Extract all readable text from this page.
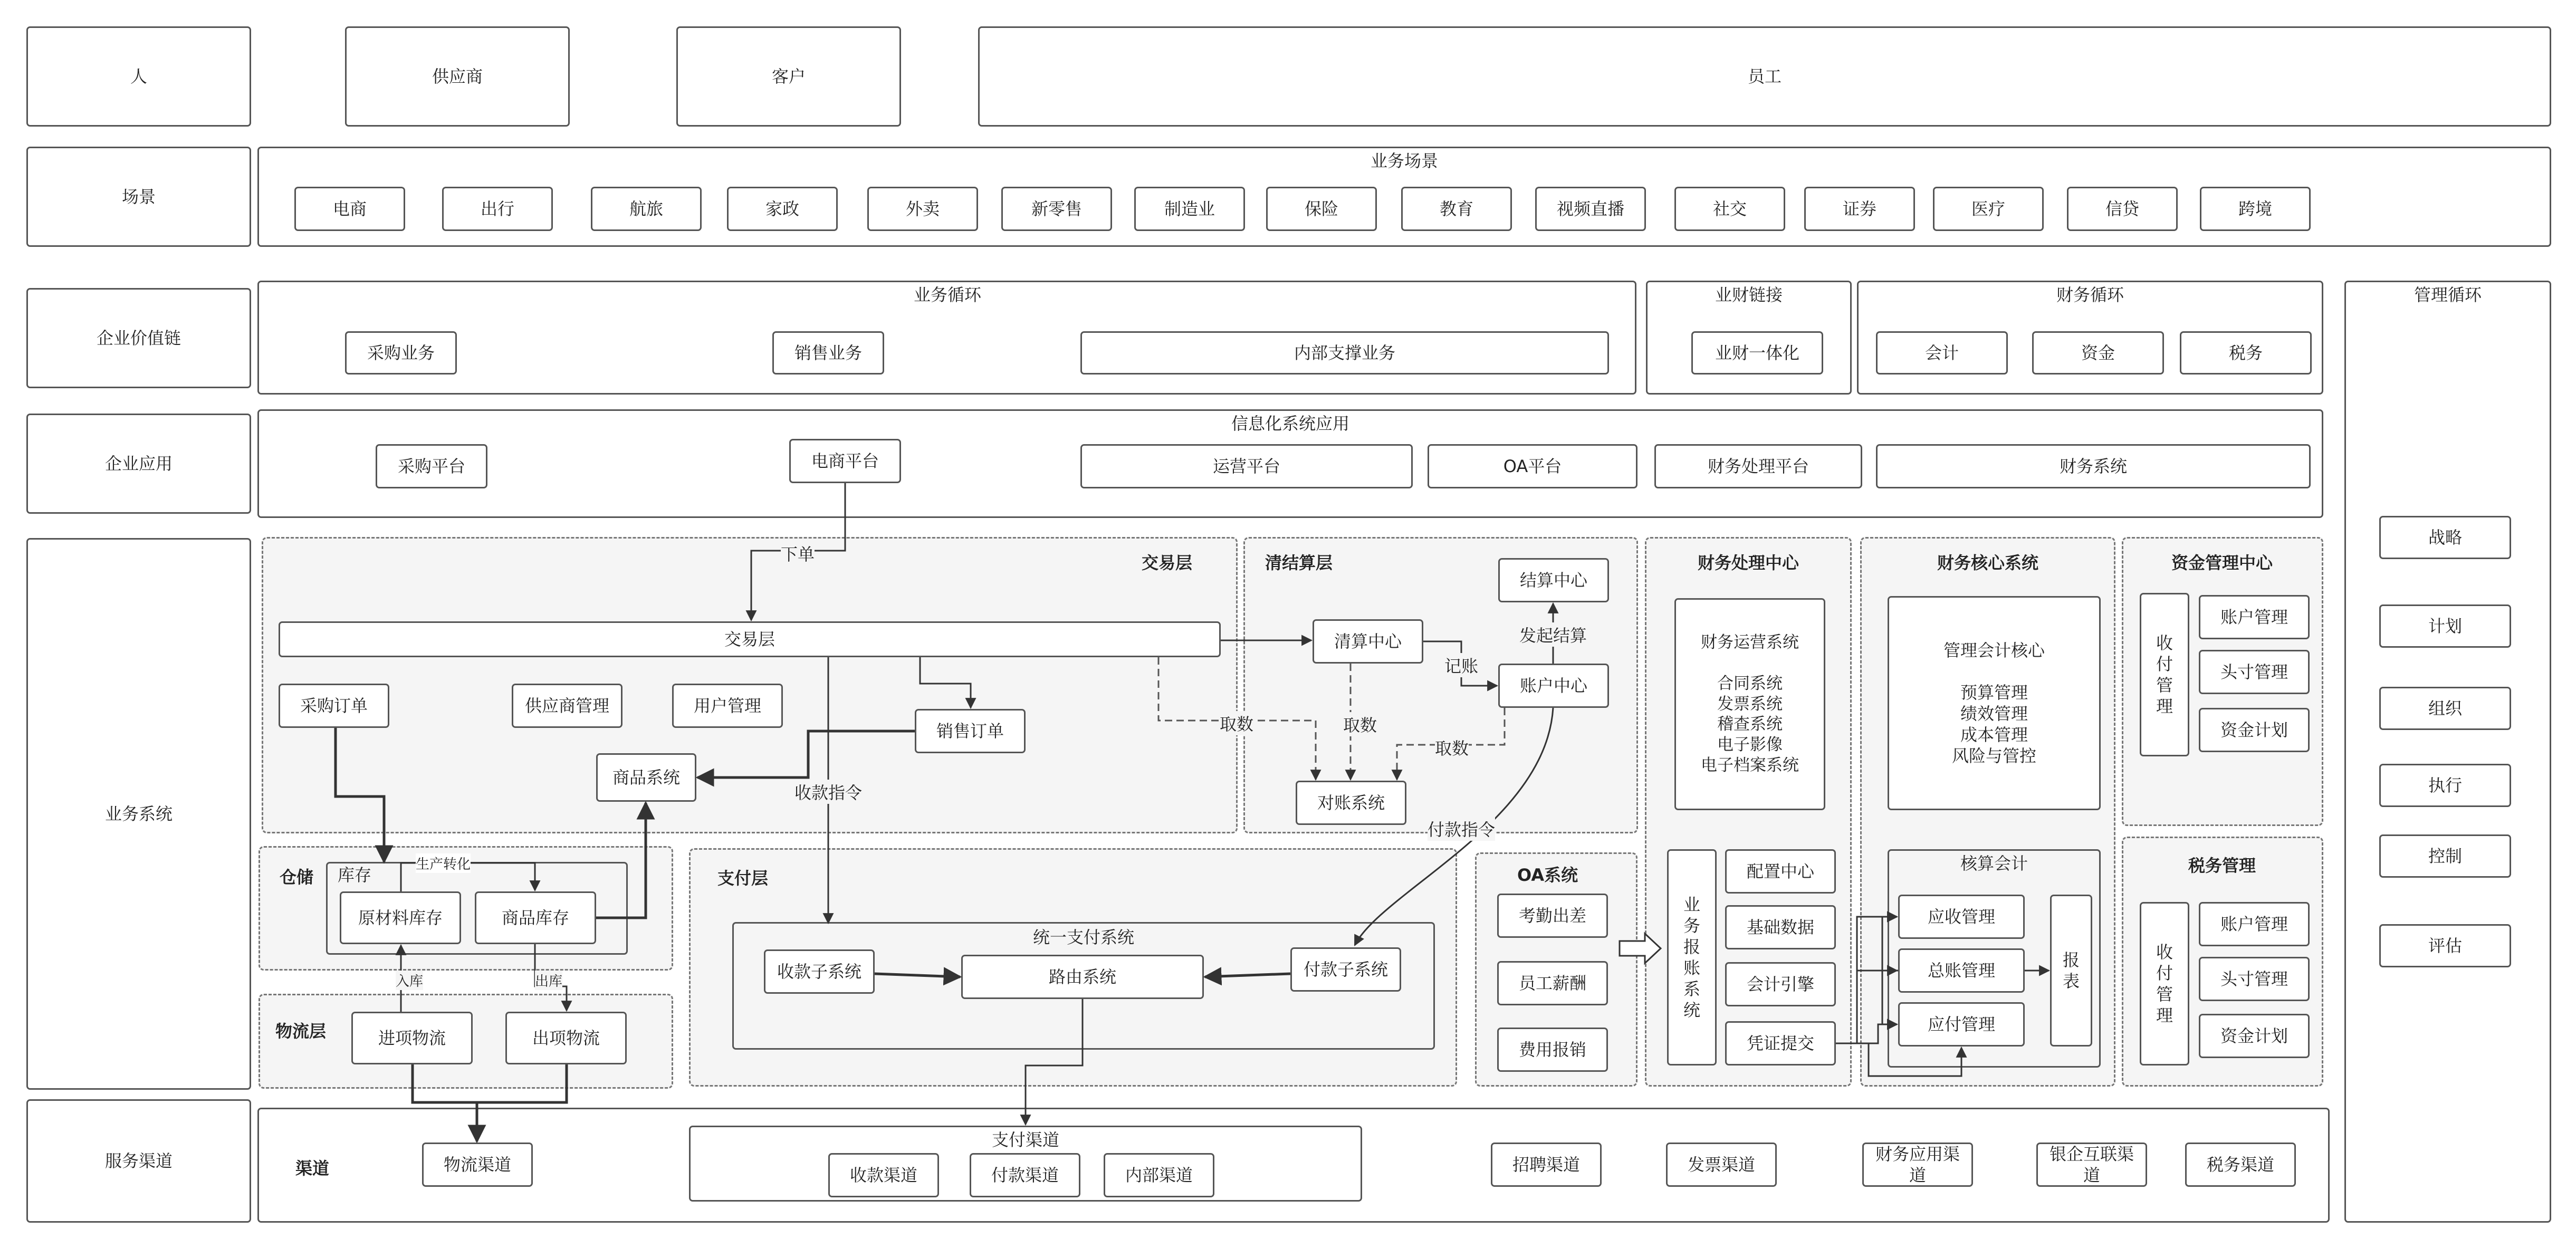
人
场景
企业价值链
企业应用
业务系统
服务渠道
供应商	客户	员工
业务场景
电商	出行	航旅	家政	外卖	新零售	制造业	保险	教育	视频直播	社交	证券	医疗	信贷	跨境
业务循环
采购业务	销售业务	内部支撑业务
业财链接
业财一体化
财务循环
会计	资金	税务
管理循环
战略
计划
组织
执行
控制
评估
信息化系统应用
采购平台	电商平台	运营平台	OA平台	财务处理平台	财务系统
交易层
交易层
采购订单	供应商管理	用户管理
销售订单
商品系统
清结算层
结算中心
清算中心
账户中心
对账系统
仓储 库存
原材料库存	商品库存
物流层	进项物流	出项物流
支付层
统一支付系统
收款子系统	路由系统	付款子系统
OA系统
考勤出差
员工薪酬
费用报销
财务处理中心
财务运营系统

合同系统
发票系统
稽查系统
电子影像
电子档案系统
业
务
报
账
系
统
配置中心
基础数据
会计引擎
凭证提交
财务核心系统
管理会计核心

预算管理
绩效管理
成本管理
风险与管控
核算会计
应收管理
总账管理
应付管理
报
表
资金管理中心
收
付
管
理
账户管理
头寸管理
资金计划
税务管理
收
付
管
理
账户管理
头寸管理
资金计划
渠道	物流渠道
支付渠道
收款渠道	付款渠道	内部渠道
招聘渠道	发票渠道
财务应用渠
道
银企互联渠
道
税务渠道
下单
取数	取数
取数
记账
发起结算
收款指令
付款指令
生产转化
入库	出库
